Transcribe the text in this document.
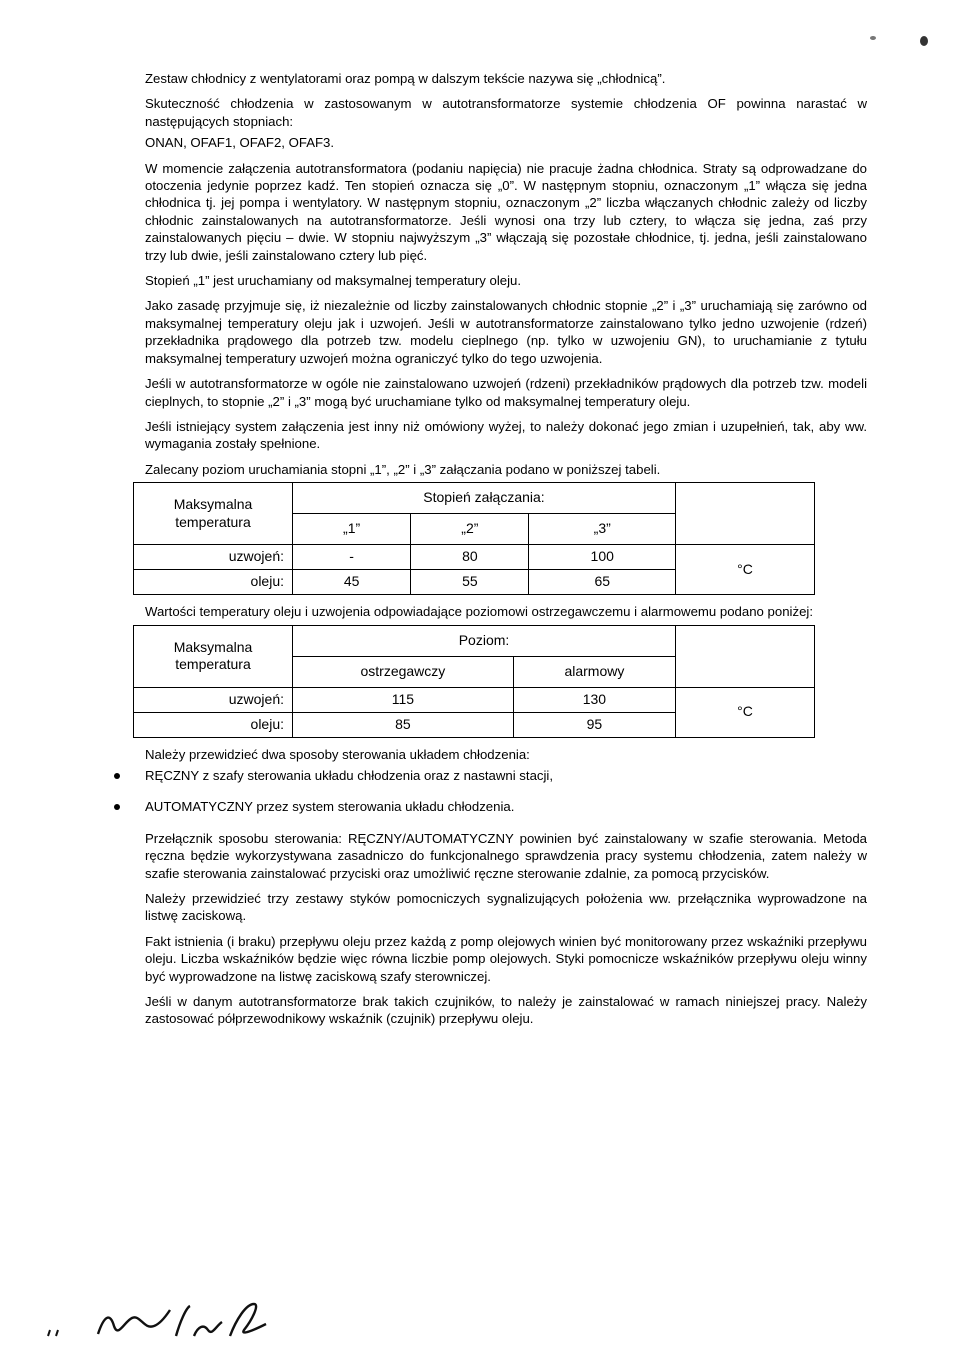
Zestaw chłodnicy z wentylatorami oraz pompą w dalszym tekście nazywa się „chłodnicą”.

Skuteczność chłodzenia w zastosowanym w autotransformatorze systemie chłodzenia OF powinna narastać w następujących stopniach:

ONAN, OFAF1, OFAF2, OFAF3.

W momencie załączenia autotransformatora (podaniu napięcia) nie pracuje żadna chłodnica. Straty są odprowadzane do otoczenia jedynie poprzez kadź. Ten stopień oznacza się „0”. W następnym stopniu, oznaczonym „1” włącza się jedna chłodnica tj. jej pompa i wentylatory. W następnym stopniu, oznaczonym „2” liczba włączanych chłodnic zależy od liczby chłodnic zainstalowanych na autotransformatorze. Jeśli wynosi ona trzy lub cztery, to włącza się jedna, zaś przy zainstalowanych pięciu – dwie. W stopniu najwyższym „3” włączają się pozostałe chłodnice, tj. jedna, jeśli zainstalowano trzy lub dwie, jeśli zainstalowano cztery lub pięć.

Stopień „1” jest uruchamiany od maksymalnej temperatury oleju.

Jako zasadę przyjmuje się, iż niezależnie od liczby zainstalowanych chłodnic stopnie „2” i „3” uruchamiają się zarówno od maksymalnej temperatury oleju jak i uzwojeń. Jeśli w autotransformatorze zainstalowano tylko jedno uzwojenie (rdzeń) przekładnika prądowego dla potrzeb tzw. modelu cieplnego (np. tylko w uzwojeniu GN), to uruchamianie z tytułu maksymalnej temperatury uzwojeń można ograniczyć tylko do tego uzwojenia.

Jeśli w autotransformatorze w ogóle nie zainstalowano uzwojeń (rdzeni) przekładników prądowych dla potrzeb tzw. modeli cieplnych, to stopnie „2” i „3” mogą być uruchamiane tylko od maksymalnej temperatury oleju.

Jeśli istniejący system załączenia jest inny niż omówiony wyżej, to należy dokonać jego zmian i uzupełnień, tak, aby ww. wymagania zostały spełnione.

Zalecany poziom uruchamiania stopni „1”, „2” i „3” załączania podano w poniższej tabeli.

Maksymalna temperatura	Stopień załączania:			
	„1”	„2”	„3”	
uzwojeń:	-	80	100	°C
oleju:	45	55	65	

Wartości temperatury oleju i uzwojenia odpowiadające poziomowi ostrzegawczemu i alarmowemu podano poniżej:

Maksymalna temperatura	Poziom:		
	ostrzegawczy	alarmowy	
uzwojeń:	115	130	°C
oleju:	85	95	

Należy przewidzieć dwa sposoby sterowania układem chłodzenia:

RĘCZNY z szafy sterowania układu chłodzenia oraz z nastawni stacji,
AUTOMATYCZNY przez system sterowania układu chłodzenia.

Przełącznik sposobu sterowania: RĘCZNY/AUTOMATYCZNY powinien być zainstalowany w szafie sterowania. Metoda ręczna będzie wykorzystywana zasadniczo do funkcjonalnego sprawdzenia pracy systemu chłodzenia, zatem należy w szafie sterowania zainstalować przyciski oraz umożliwić ręczne sterowanie zdalnie, za pomocą przycisków.

Należy przewidzieć trzy zestawy styków pomocniczych sygnalizujących położenia ww. przełącznika wyprowadzone na listwę zaciskową.

Fakt istnienia (i braku) przepływu oleju przez każdą z pomp olejowych winien być monitorowany przez wskaźniki przepływu oleju. Liczba wskaźników będzie więc równa liczbie pomp olejowych. Styki pomocnicze wskaźników przepływu oleju winny być wyprowadzone na listwę zaciskową szafy sterowniczej.

Jeśli w danym autotransformatorze brak takich czujników, to należy je zainstalować w ramach niniejszej pracy. Należy zastosować półprzewodnikowy wskaźnik (czujnik) przepływu oleju.
